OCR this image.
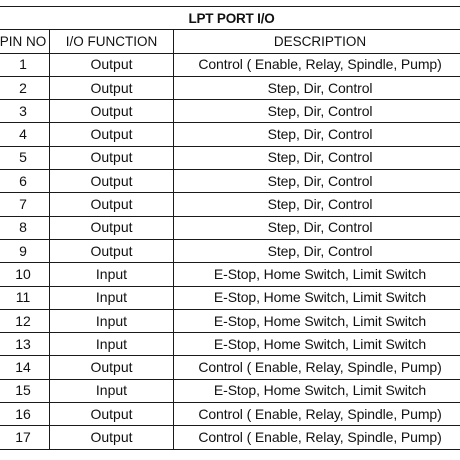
LPT PORT I/O		
PIN NO	I/O FUNCTION	DESCRIPTION
1	Output	Control ( Enable, Relay, Spindle, Pump)
2	Output	Step, Dir, Control
3	Output	Step, Dir, Control
4	Output	Step, Dir, Control
5	Output	Step, Dir, Control
6	Output	Step, Dir, Control
7	Output	Step, Dir, Control
8	Output	Step, Dir, Control
9	Output	Step, Dir, Control
10	Input	E-Stop, Home Switch, Limit Switch
11	Input	E-Stop, Home Switch, Limit Switch
12	Input	E-Stop, Home Switch, Limit Switch
13	Input	E-Stop, Home Switch, Limit Switch
14	Output	Control ( Enable, Relay, Spindle, Pump)
15	Input	E-Stop, Home Switch, Limit Switch
16	Output	Control ( Enable, Relay, Spindle, Pump)
17	Output	Control ( Enable, Relay, Spindle, Pump)
